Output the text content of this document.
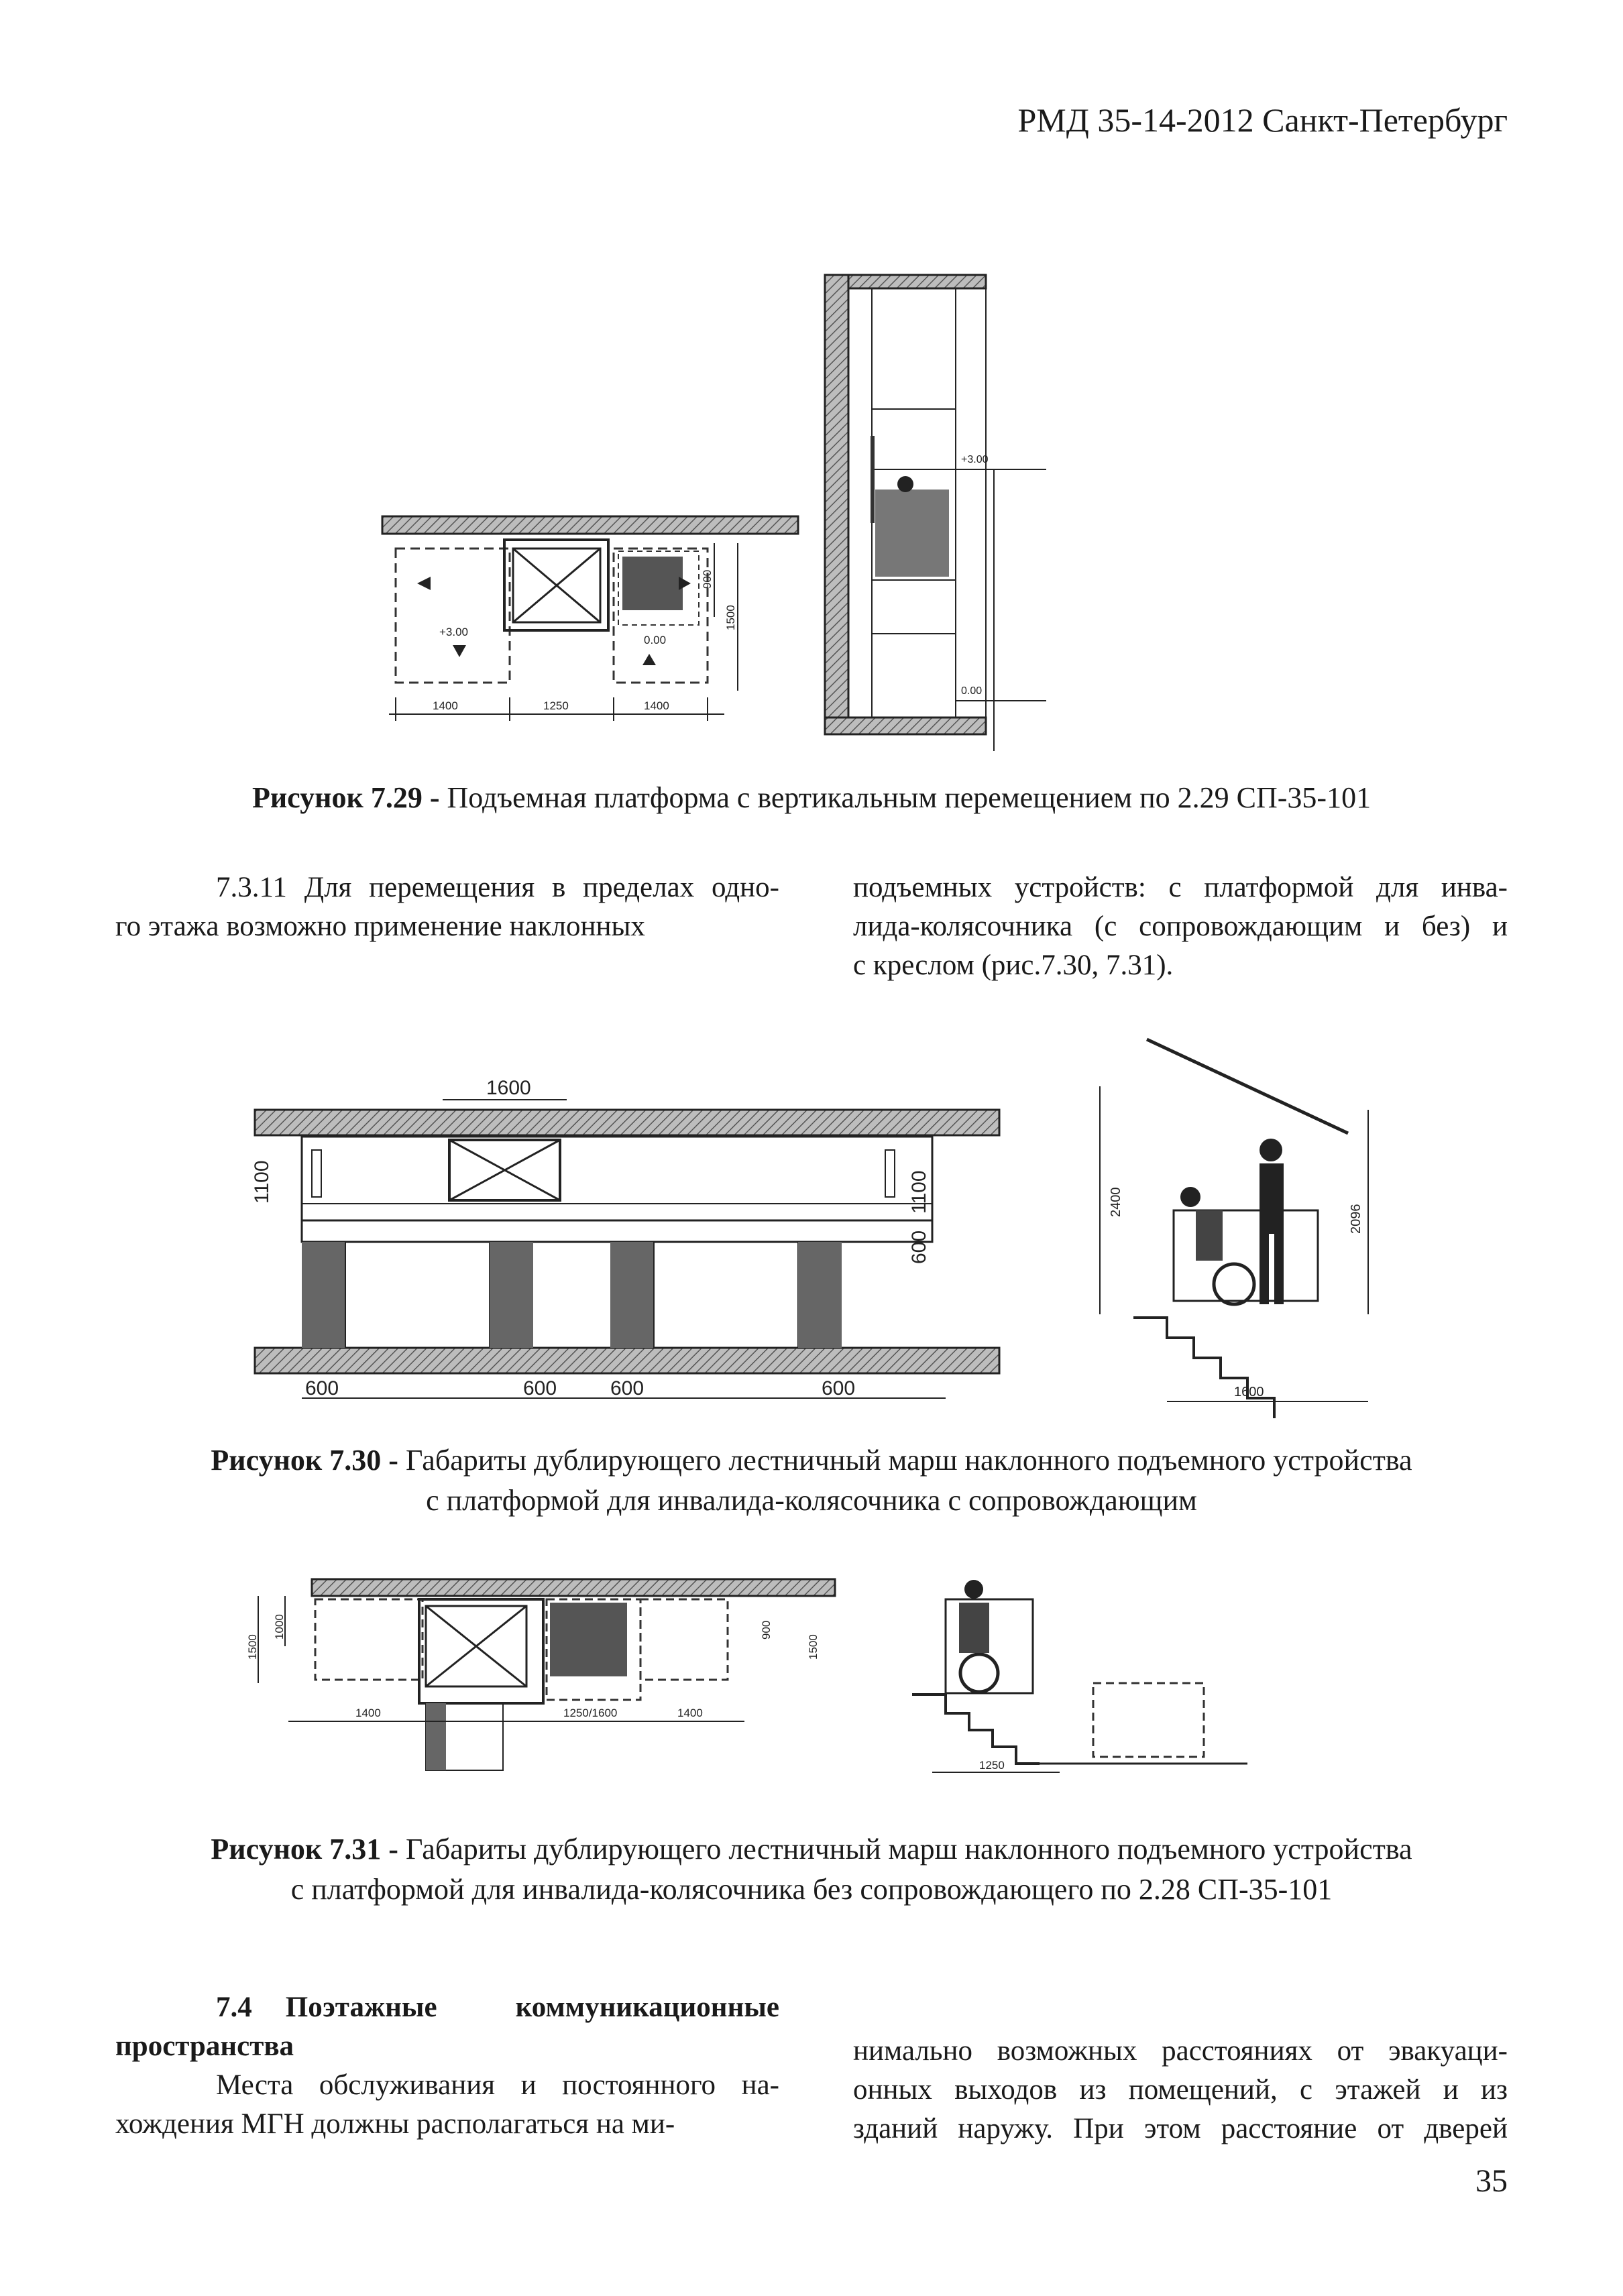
РМД 35-14-2012 Санкт-Петербург
+3.00
0.00
1400	1250	1400
900
1500
+3.00
0.00
Рисунок 7.29 - Подъемная платформа с вертикальным перемещением по 2.29 СП-35-101
7.3.11 Для перемещения в пределах одно-
го этажа возможно применение наклонных
подъемных устройств: с платформой для инва-
лида-колясочника (с сопровождающим и без) и
с креслом (рис.7.30, 7.31).
1600
1100	1100
600
600	600	600	600
2400
2096
1600
Рисунок 7.30 - Габариты дублирующего лестничный марш наклонного подъемного устройства
с платформой для инвалида-колясочника с сопровождающим
1500
1000	900
1500
1400	1250/1600	1400
1250
Рисунок 7.31 - Габариты дублирующего лестничный марш наклонного подъемного устройства
с платформой для инвалида-колясочника без сопровождающего по 2.28 СП-35-101
7.4 Поэтажные коммуникационные
пространства
Места обслуживания и постоянного на-
хождения МГН должны располагаться на ми-
нимально возможных расстояниях от эвакуаци-
онных выходов из помещений, с этажей и из
зданий наружу. При этом расстояние от дверей
35
